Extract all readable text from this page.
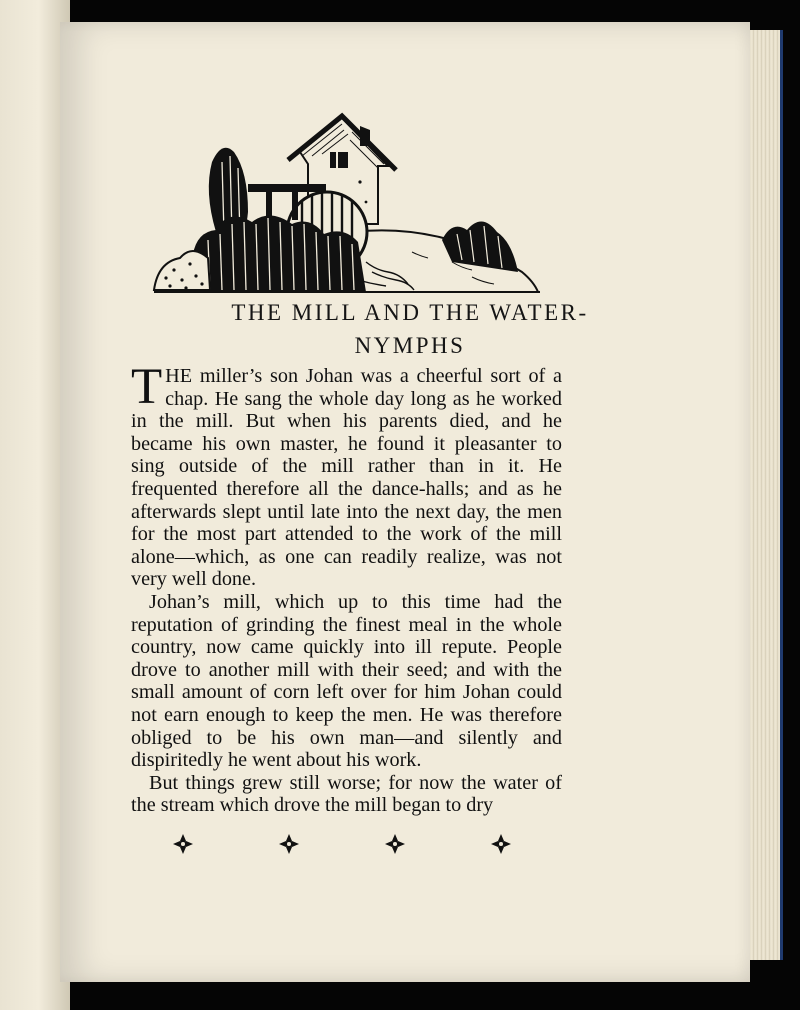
THE MILL AND THE WATER-
NYMPHS

THE miller’s son Johan was a cheerful sort of a chap. He sang the whole day long as he worked in the mill. But when his parents died, and he became his own master, he found it pleasanter to sing outside of the mill rather than in it. He frequented therefore all the dance-halls; and as he afterwards slept until late into the next day, the men for the most part attended to the work of the mill alone—which, as one can readily realize, was not very well done.

Johan’s mill, which up to this time had the reputation of grinding the finest meal in the whole country, now came quickly into ill repute. People drove to another mill with their seed; and with the small amount of corn left over for him Johan could not earn enough to keep the men. He was therefore obliged to be his own man—and silently and dispiritedly he went about his work.

But things grew still worse; for now the water of the stream which drove the mill began to dry
